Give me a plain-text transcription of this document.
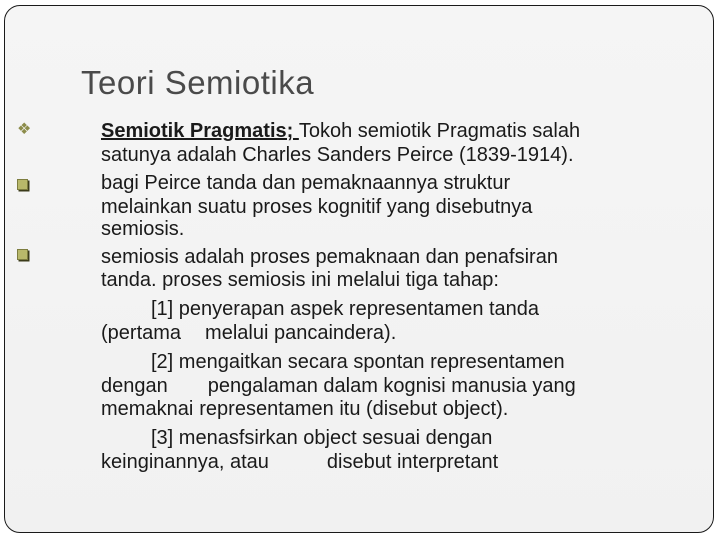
Teori Semiotika
❖	Semiotik Pragmatis; Tokoh semiotik Pragmatis salah
satunya adalah Charles Sanders Peirce (1839-1914).
bagi Peirce tanda dan pemaknaannya struktur
melainkan suatu proses kognitif yang disebutnya
semiosis.
semiosis adalah proses pemaknaan dan penafsiran
tanda. proses semiosis ini melalui tiga tahap:
[1] penyerapan aspek representamen tanda
(pertama melalui pancaindera).
[2] mengaitkan secara spontan representamen
dengan pengalaman dalam kognisi manusia yang
memaknai representamen itu (disebut object).
[3] menasfsirkan object sesuai dengan
keinginannya, atau	disebut interpretant
